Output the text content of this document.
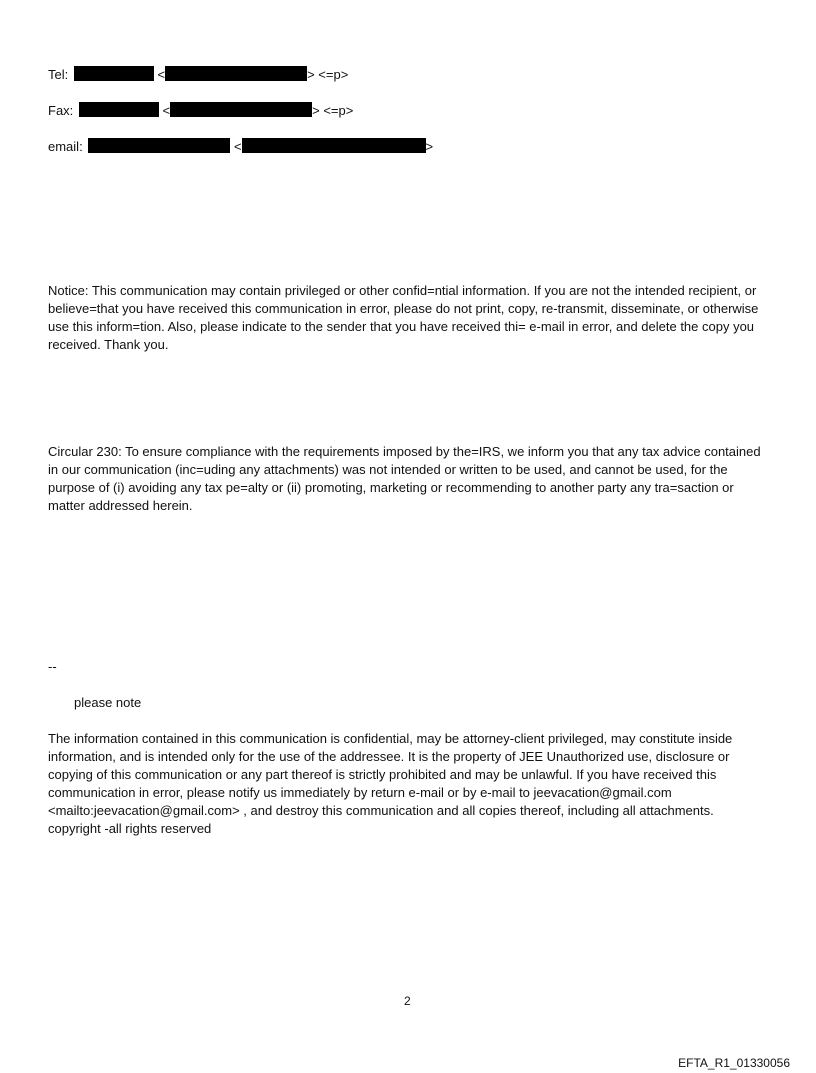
Tel:	<	> <=p>
Fax:	<	> <=p>
email:	<	>
Notice: This communication may contain privileged or other confid=ntial information. If you are not the intended recipient, or believe=that you have received this communication in error, please do not print, copy, re-transmit, disseminate, or otherwise use this inform=tion. Also, please indicate to the sender that you have received thi= e-mail in error, and delete the copy you received. Thank you.
Circular 230: To ensure compliance with the requirements imposed by the=IRS, we inform you that any tax advice contained in our communication (inc=uding any attachments) was not intended or written to be used, and cannot be used, for the purpose of (i) avoiding any tax pe=alty or (ii) promoting, marketing or recommending to another party any tra=saction or matter addressed herein.
--
please note
The information contained in this communication is confidential, may be attorney-client privileged, may constitute inside information, and is intended only for the use of the addressee. It is the property of JEE Unauthorized use, disclosure or copying of this communication or any part thereof is strictly prohibited and may be unlawful. If you have received this communication in error, please notify us immediately by return e-mail or by e-mail to jeevacation@gmail.com <mailto:jeevacation@gmail.com> , and destroy this communication and all copies thereof, including all attachments. copyright -all rights reserved
2
EFTA_R1_01330056
